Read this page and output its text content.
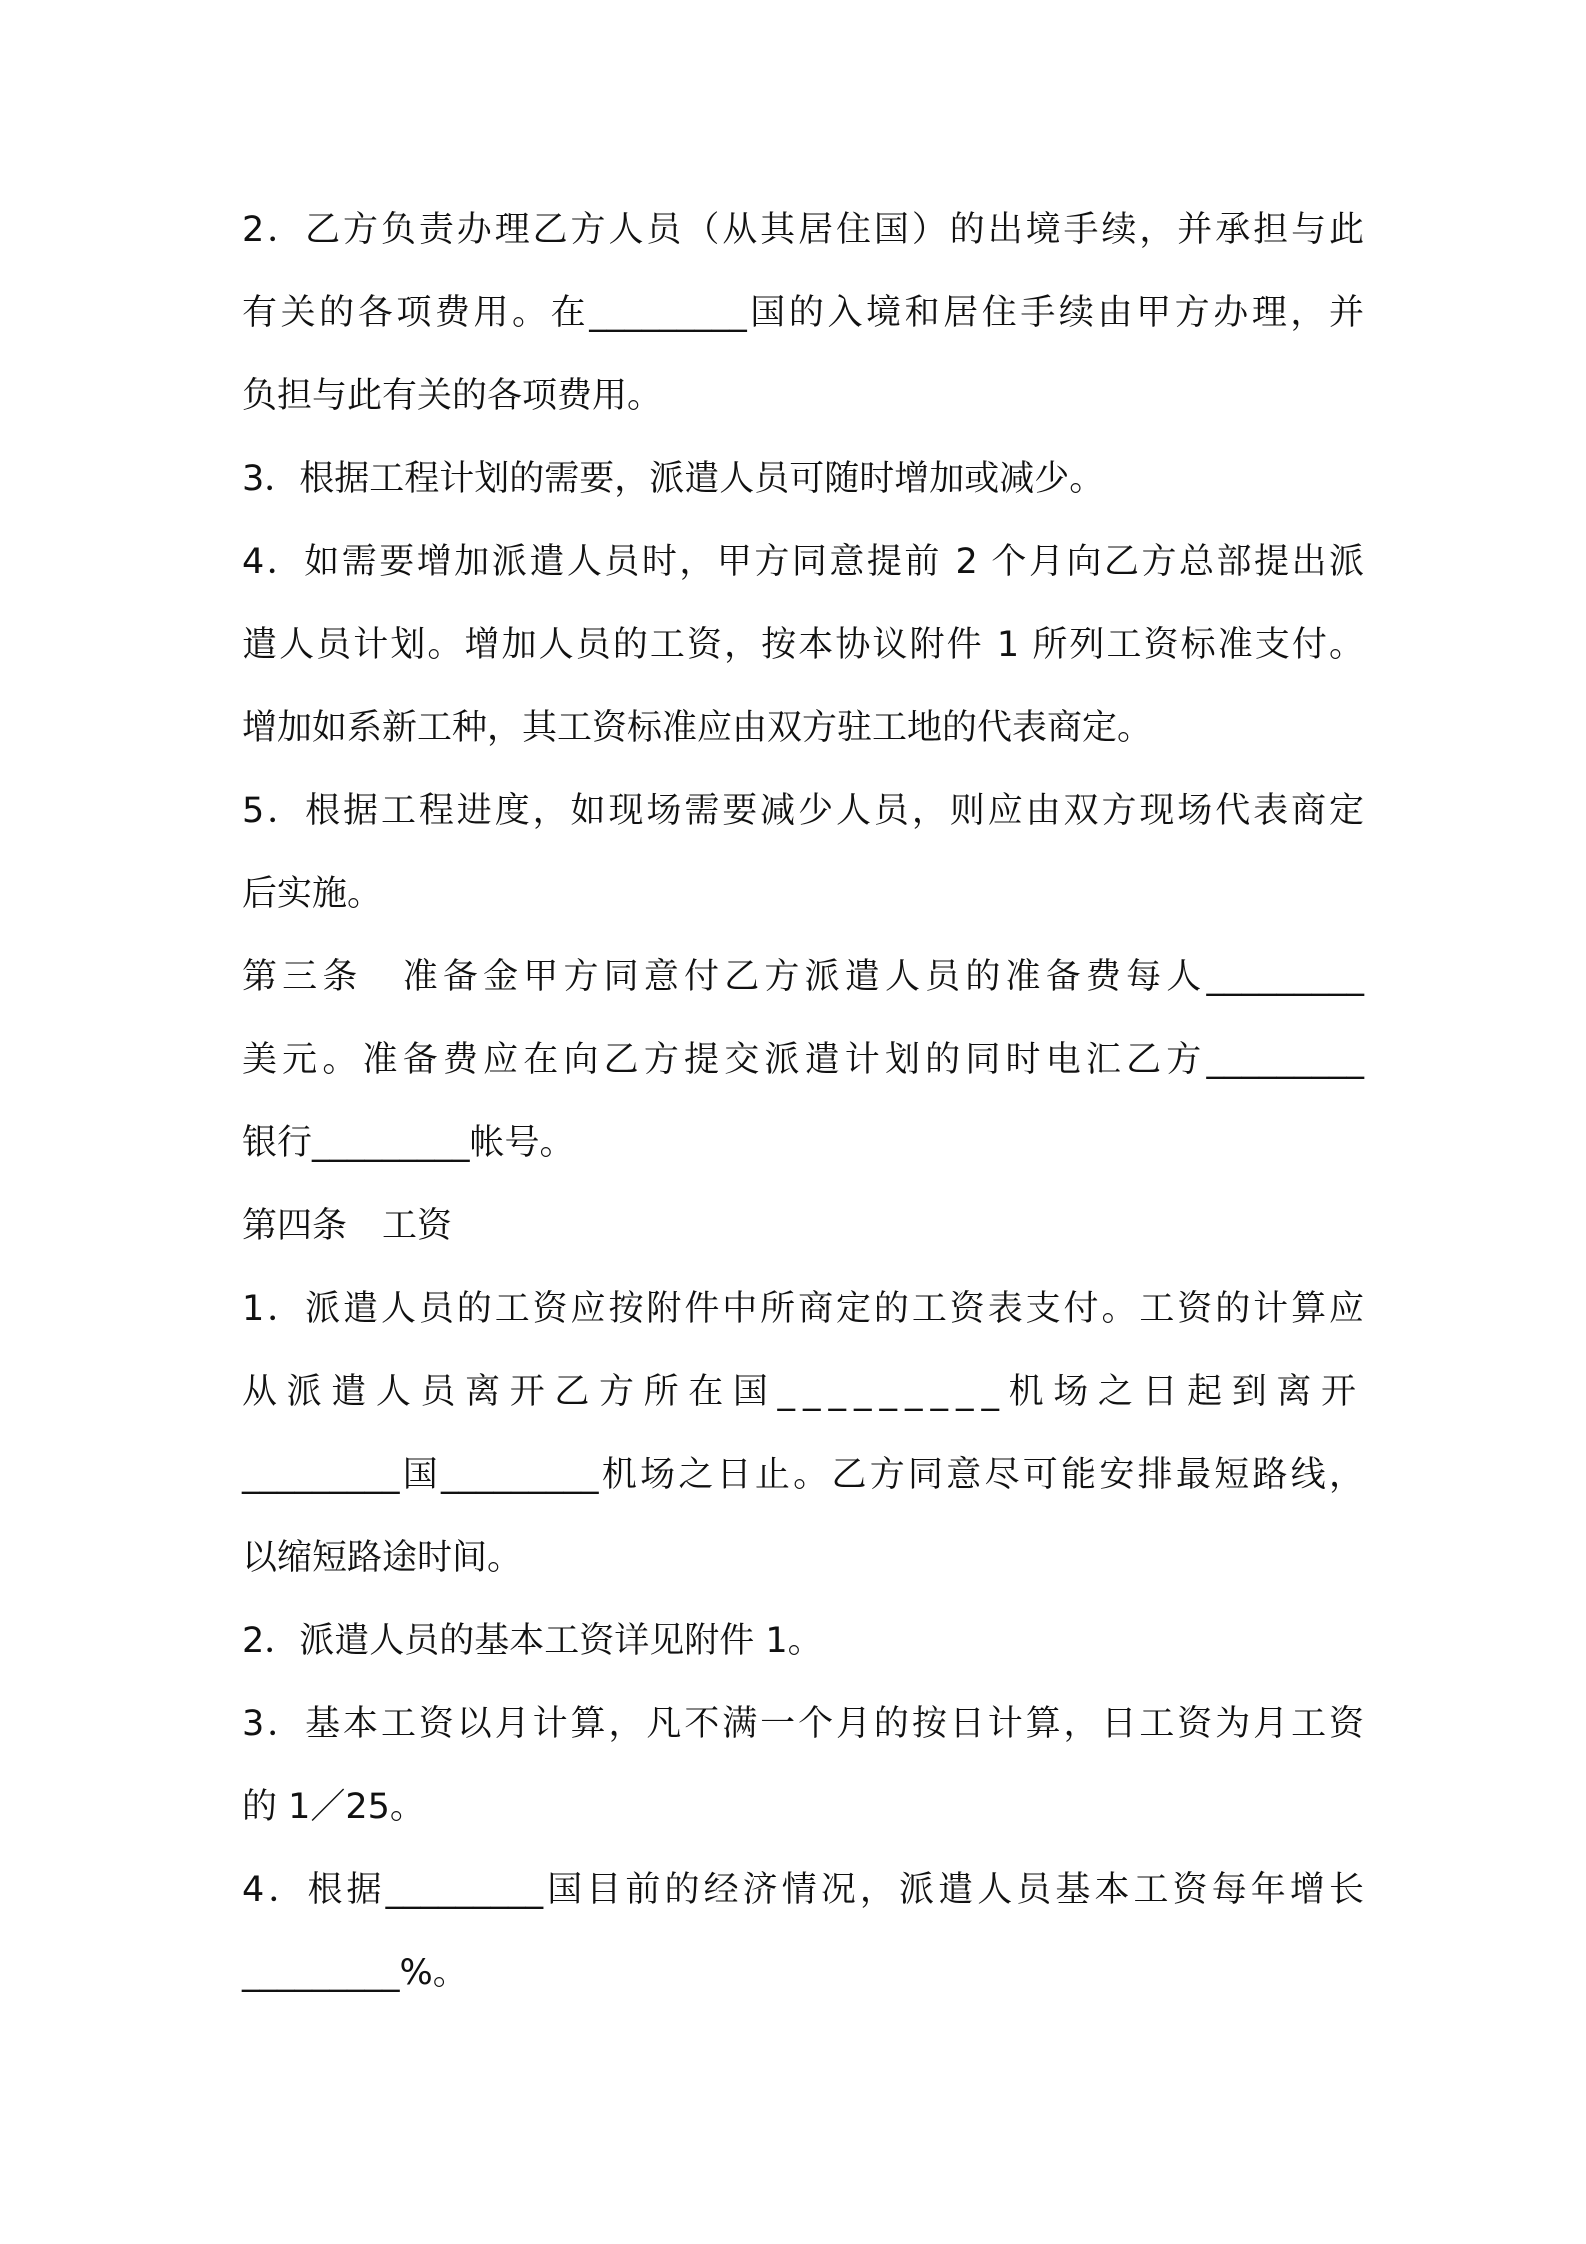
2．乙方负责办理乙方人员（从其居住国）的出境手续，并承担与此
有关的各项费用。在_________国的入境和居住手续由甲方办理，并
负担与此有关的各项费用。
3．根据工程计划的需要，派遣人员可随时增加或减少。
4．如需要增加派遣人员时，甲方同意提前 2 个月向乙方总部提出派
遣人员计划。增加人员的工资，按本协议附件 1 所列工资标准支付。
增加如系新工种，其工资标准应由双方驻工地的代表商定。
5．根据工程进度，如现场需要减少人员，则应由双方现场代表商定
后实施。
第三条　准备金甲方同意付乙方派遣人员的准备费每人_________
美元。准备费应在向乙方提交派遣计划的同时电汇乙方_________
银行_________帐号。
第四条　工资
1．派遣人员的工资应按附件中所商定的工资表支付。工资的计算应
从派遣人员离开乙方所在国_________机场之日起到离开
_________国_________机场之日止。乙方同意尽可能安排最短路线，
以缩短路途时间。
2．派遣人员的基本工资详见附件 1。
3．基本工资以月计算，凡不满一个月的按日计算，日工资为月工资
的 1／25。
4．根据_________国目前的经济情况，派遣人员基本工资每年增长
_________%。
